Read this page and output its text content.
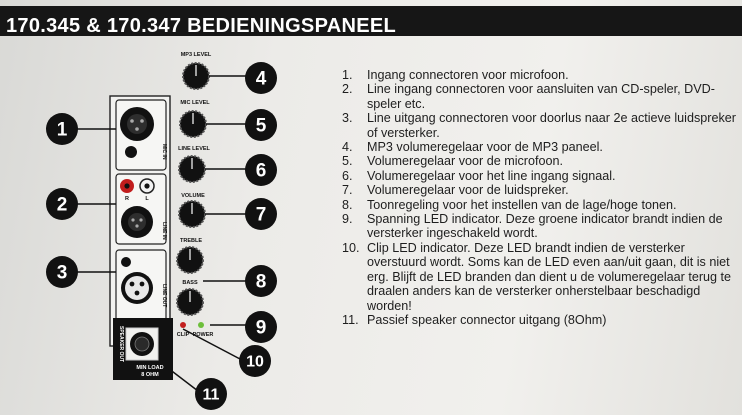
170.345 & 170.347 BEDIENINGSPANEEL
MIC IN
R	L
LINE IN
LINE OUT
MP3 LEVEL
MIC LEVEL
LINE LEVEL
VOLUME
TREBLE
BASS
CLIP POWER
SPEAKER OUT
MIN LOAD
8 OHM
1
2
3
4
5
6
7
8
9
10
11
1. Ingang connectoren voor microfoon.
2. Line ingang connectoren voor aansluiten van CD-speler, DVD-speler etc.
3. Line uitgang connectoren voor doorlus naar 2e actieve luidspreker of versterker.
4. MP3 volumeregelaar voor de MP3 paneel.
5. Volumeregelaar voor de microfoon.
6. Volumeregelaar voor het line ingang signaal.
7. Volumeregelaar voor de luidspreker.
8. Toonregeling voor het instellen van de lage/hoge tonen.
9. Spanning LED indicator. Deze groene indicator brandt indien de versterker ingeschakeld wordt.
10. Clip LED indicator. Deze LED brandt indien de versterker overstuurd wordt. Soms kan de LED even aan/uit gaan, dit is niet erg. Blijft de LED branden dan dient u de volumeregelaar terug te draalen anders kan de versterker onherstelbaar beschadigd worden!
11. Passief speaker connector uitgang (8Ohm)
